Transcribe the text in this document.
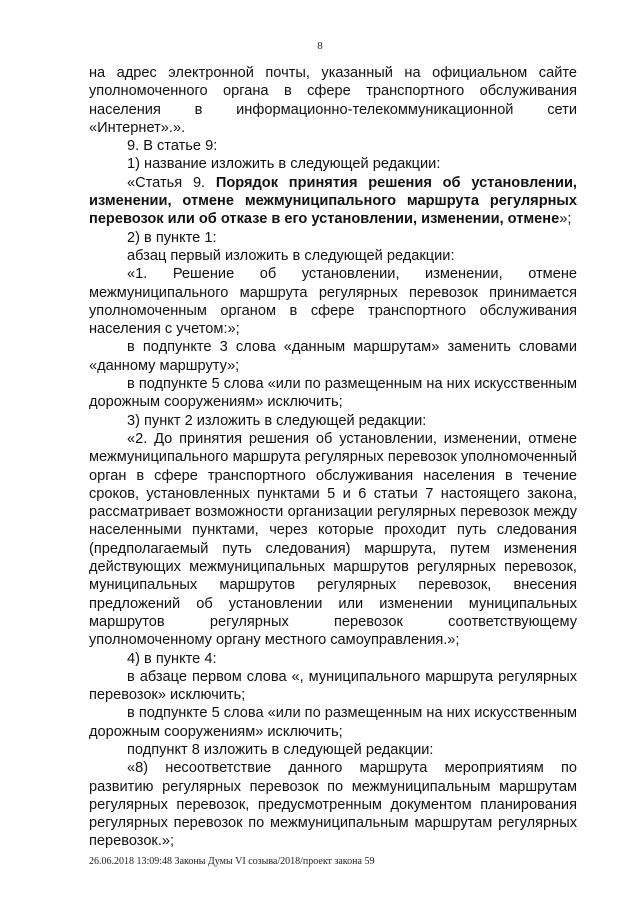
8

на адрес электронной почты, указанный на официальном сайте уполномоченного органа в сфере транспортного обслуживания населения в информационно-телекоммуникационной сети «Интернет».».

9. В статье 9:

1) название изложить в следующей редакции:

«Статья 9. Порядок принятия решения об установлении, изменении, отмене межмуниципального маршрута регулярных перевозок или об отказе в его установлении, изменении, отмене»;

2) в пункте 1:

абзац первый изложить в следующей редакции:

«1. Решение об установлении, изменении, отмене межмуниципального маршрута регулярных перевозок принимается уполномоченным органом в сфере транспортного обслуживания населения с учетом:»;

в подпункте 3 слова «данным маршрутам» заменить словами «данному маршруту»;

в подпункте 5 слова «или по размещенным на них искусственным дорожным сооружениям» исключить;

3) пункт 2 изложить в следующей редакции:

«2. До принятия решения об установлении, изменении, отмене межмуниципального маршрута регулярных перевозок уполномоченный орган в сфере транспортного обслуживания населения в течение сроков, установленных пунктами 5 и 6 статьи 7 настоящего закона, рассматривает возможности организации регулярных перевозок между населенными пунктами, через которые проходит путь следования (предполагаемый путь следования) маршрута, путем изменения действующих межмуниципальных маршрутов регулярных перевозок, муниципальных маршрутов регулярных перевозок, внесения предложений об установлении или изменении муниципальных маршрутов регулярных перевозок соответствующему уполномоченному органу местного самоуправления.»;

4) в пункте 4:

в абзаце первом слова «, муниципального маршрута регулярных перевозок» исключить;

в подпункте 5 слова «или по размещенным на них искусственным дорожным сооружениям» исключить;

подпункт 8 изложить в следующей редакции:

«8) несоответствие данного маршрута мероприятиям по развитию регулярных перевозок по межмуниципальным маршрутам регулярных перевозок, предусмотренным документом планирования регулярных перевозок по межмуниципальным маршрутам регулярных перевозок.»;

26.06.2018 13:09:48 Законы Думы VI созыва/2018/проект закона 59
